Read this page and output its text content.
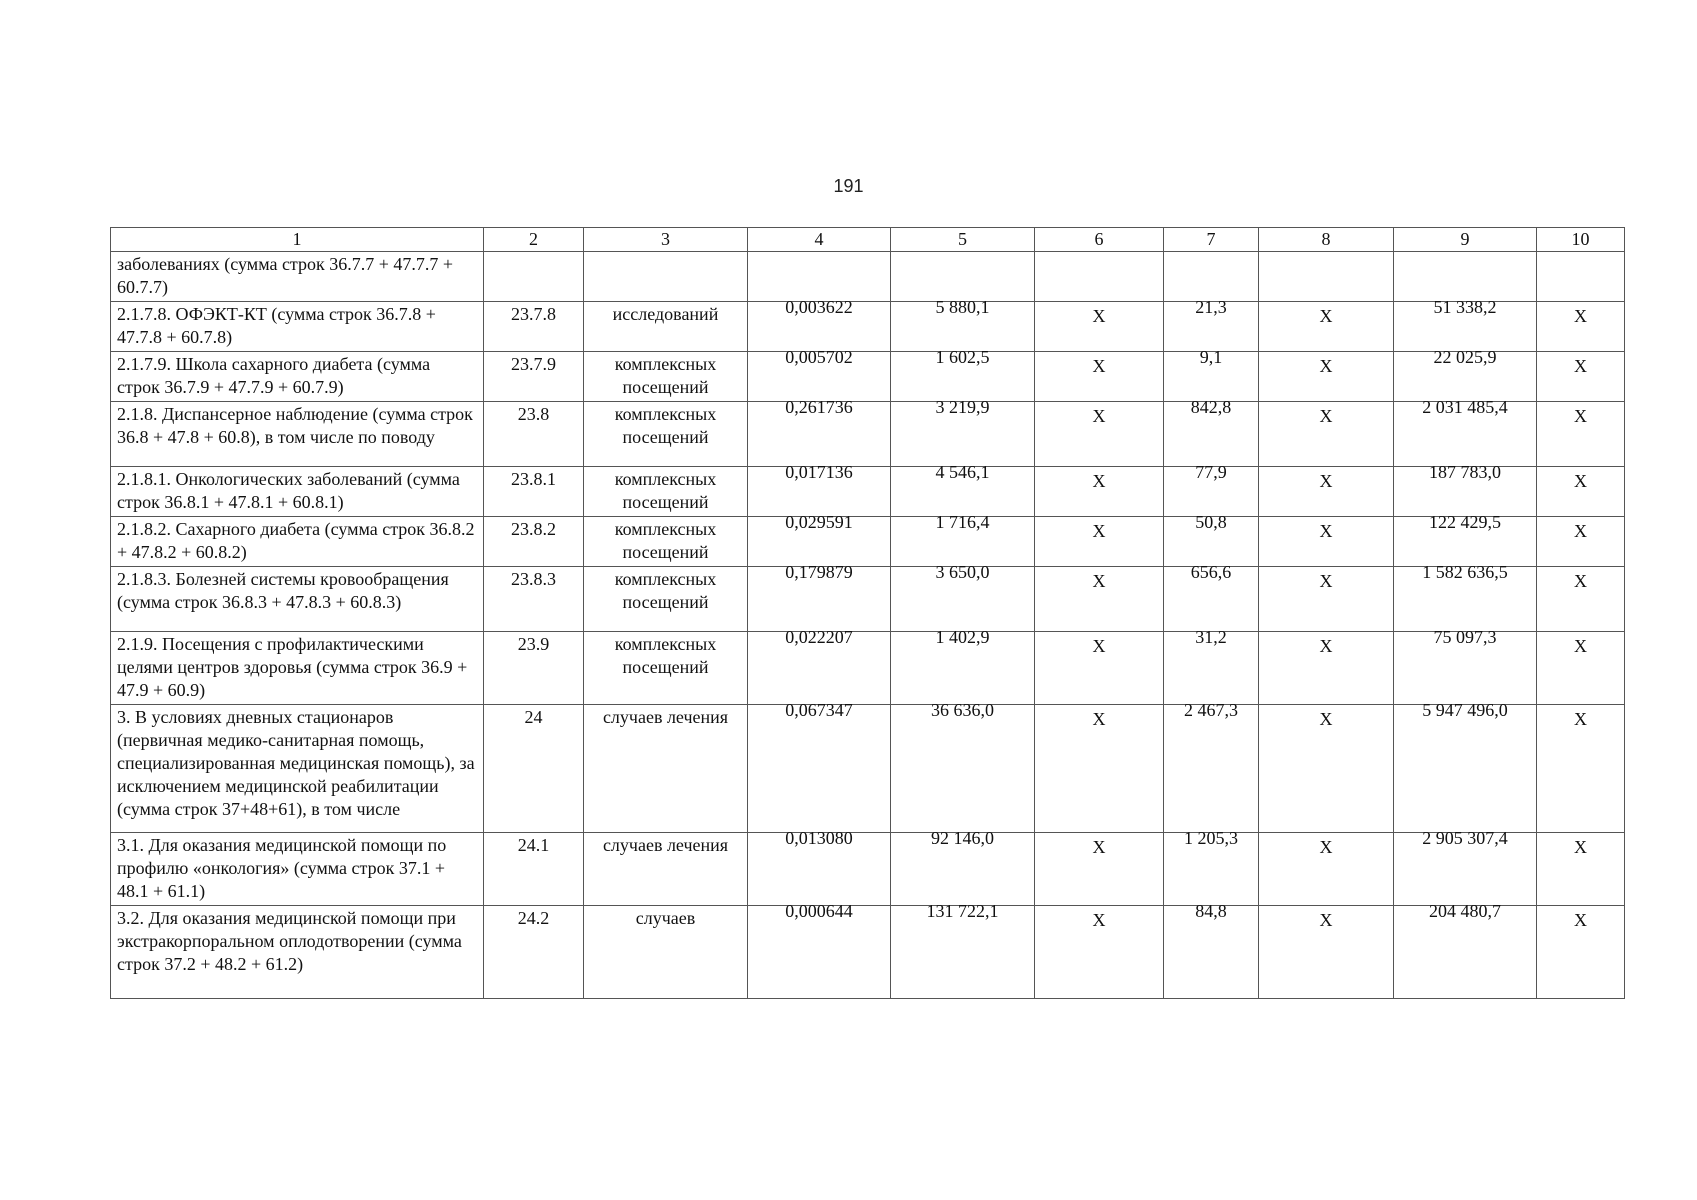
191
1	2	3	4	5	6	7	8	9	10
заболеваниях (сумма строк 36.7.7 + 47.7.7 + 60.7.7)									
2.1.7.8. ОФЭКТ-КТ (сумма строк 36.7.8 + 47.7.8 + 60.7.8)	23.7.8	исследований	0,003622	5 880,1	X	21,3	X	51 338,2	X
2.1.7.9. Школа сахарного диабета (сумма строк 36.7.9 + 47.7.9 + 60.7.9)	23.7.9	комплексных посещений	0,005702	1 602,5	X	9,1	X	22 025,9	X
2.1.8. Диспансерное наблюдение (сумма строк 36.8 + 47.8 + 60.8), в том числе по поводу	23.8	комплексных посещений	0,261736	3 219,9	X	842,8	X	2 031 485,4	X
2.1.8.1. Онкологических заболеваний (сумма строк 36.8.1 + 47.8.1 + 60.8.1)	23.8.1	комплексных посещений	0,017136	4 546,1	X	77,9	X	187 783,0	X
2.1.8.2. Сахарного диабета (сумма строк 36.8.2 + 47.8.2 + 60.8.2)	23.8.2	комплексных посещений	0,029591	1 716,4	X	50,8	X	122 429,5	X
2.1.8.3. Болезней системы кровообращения (сумма строк 36.8.3 + 47.8.3 + 60.8.3)	23.8.3	комплексных посещений	0,179879	3 650,0	X	656,6	X	1 582 636,5	X
2.1.9. Посещения с профилактическими целями центров здоровья (сумма строк 36.9 + 47.9 + 60.9)	23.9	комплексных посещений	0,022207	1 402,9	X	31,2	X	75 097,3	X
3. В условиях дневных стационаров (первичная медико-санитарная помощь, специализированная медицинская помощь), за исключением медицинской реабилитации (сумма строк 37+48+61), в том числе	24	случаев лечения	0,067347	36 636,0	X	2 467,3	X	5 947 496,0	X
3.1. Для оказания медицинской помощи по профилю «онкология» (сумма строк 37.1 + 48.1 + 61.1)	24.1	случаев лечения	0,013080	92 146,0	X	1 205,3	X	2 905 307,4	X
3.2. Для оказания медицинской помощи при экстракорпоральном оплодотворении (сумма строк 37.2 + 48.2 + 61.2)	24.2	случаев	0,000644	131 722,1	X	84,8	X	204 480,7	X
